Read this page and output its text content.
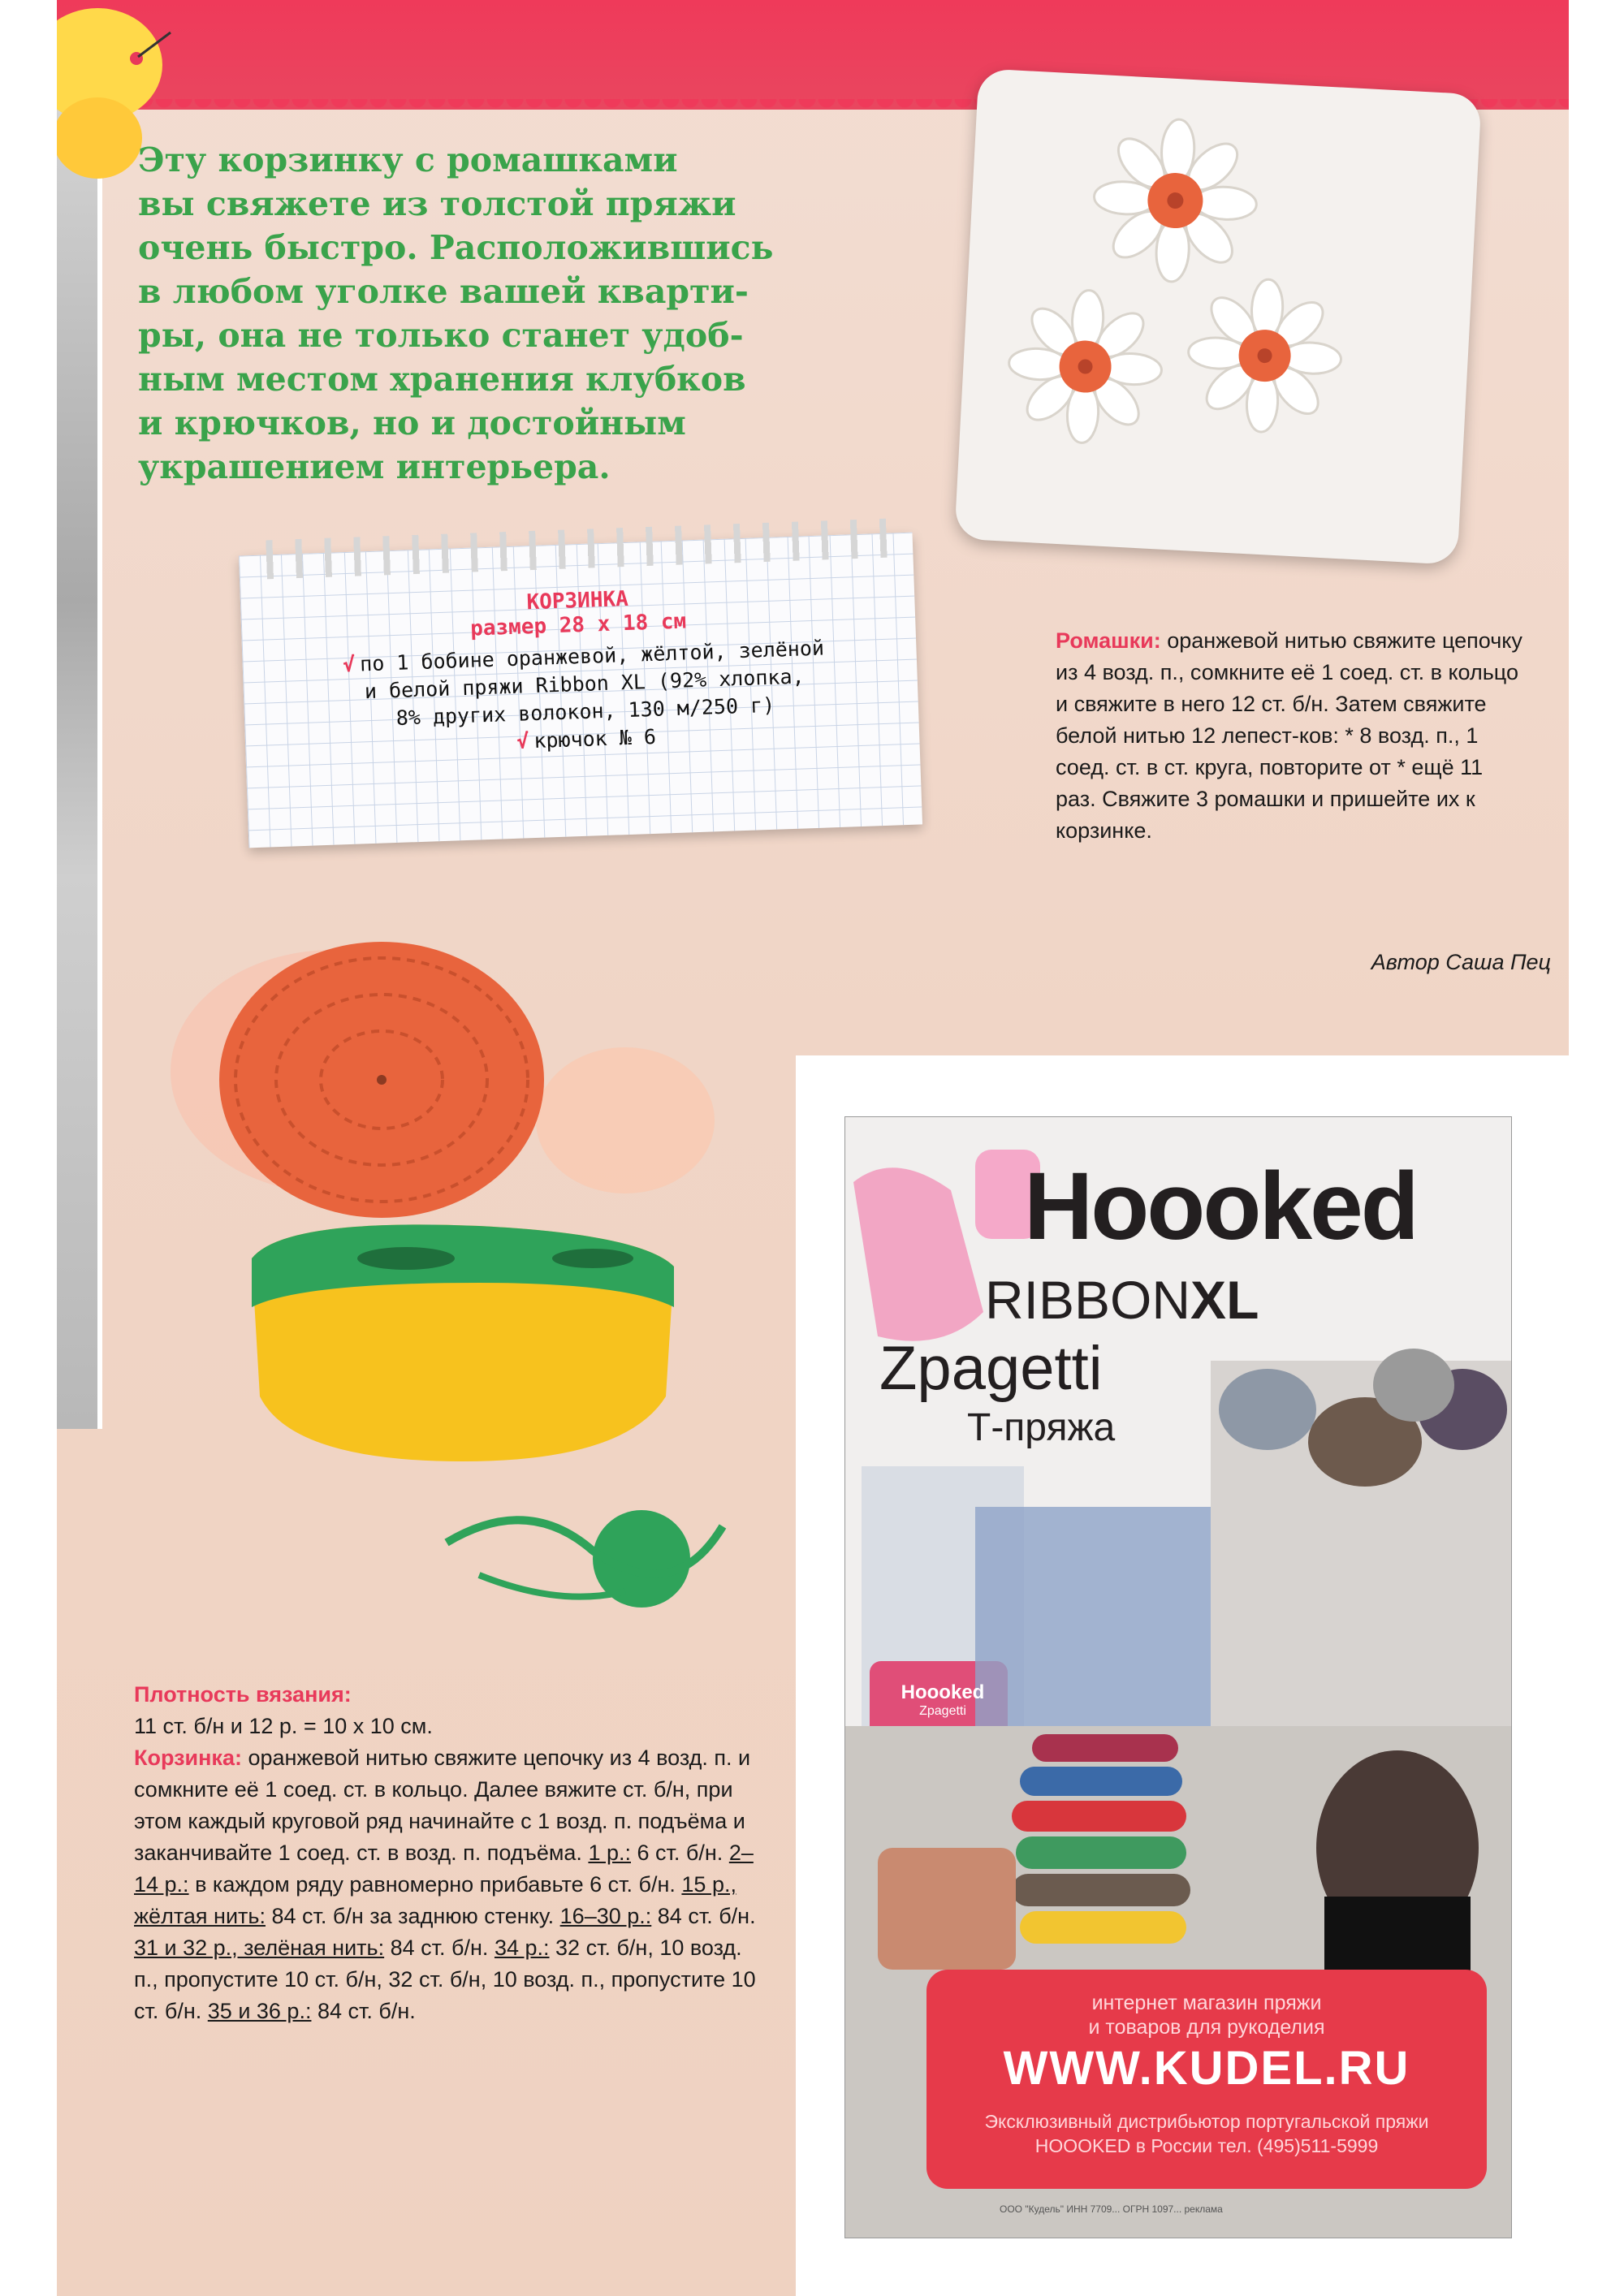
Эту корзинку с ромашками
вы свяжете из толстой пряжи
очень быстро. Расположившись
в любом уголке вашей кварти-
ры, она не только станет удоб-
ным местом хранения клубков
и крючков, но и достойным
украшением интерьера.
КОРЗИНКА
размер 28 х 18 см
√ по 1 бобине оранжевой, жёлтой, зелёной
и белой пряжи Ribbon XL (92% хлопка,
8% других волокон, 130 м/250 г)
√ крючок № 6
Ромашки: оранжевой нитью свяжите цепочку из 4 возд. п., сомкните её 1 соед. ст. в кольцо и свяжите в него 12 ст. б/н. Затем свяжите белой нитью 12 лепест-ков: * 8 возд. п., 1 соед. ст. в ст. круга, повторите от * ещё 11 раз. Свяжите 3 ромашки и пришейте их к корзинке.
Автор Саша Пец
Плотность вязания:
11 ст. б/н и 12 р. = 10 х 10 см.
Корзинка: оранжевой нитью свяжите цепочку из 4 возд. п. и сомкните её 1 соед. ст. в кольцо. Далее вяжите ст. б/н, при этом каждый круговой ряд начинайте с 1 возд. п. подъёма и заканчивайте 1 соед. ст. в возд. п. подъёма. 1 р.: 6 ст. б/н. 2–14 р.: в каждом ряду равномерно прибавьте 6 ст. б/н. 15 р., жёлтая нить: 84 ст. б/н за заднюю стенку. 16–30 р.: 84 ст. б/н. 31 и 32 р., зелёная нить: 84 ст. б/н. 34 р.: 32 ст. б/н, 10 возд. п., пропустите 10 ст. б/н, 32 ст. б/н, 10 возд. п., пропустите 10 ст. б/н. 35 и 36 р.: 84 ст. б/н.
Hoooked
RIBBONXL
Zpagetti
Т-пряжа
Hoooked
Zpagetti
интернет магазин пряжи
и товаров для рукоделия
WWW.KUDEL.RU
Эксклюзивный дистрибьютор португальской пряжи
HOOOKED в России тел. (495)511-5999
ООО "Кудель" ИНН 7709... ОГРН 1097... реклама
